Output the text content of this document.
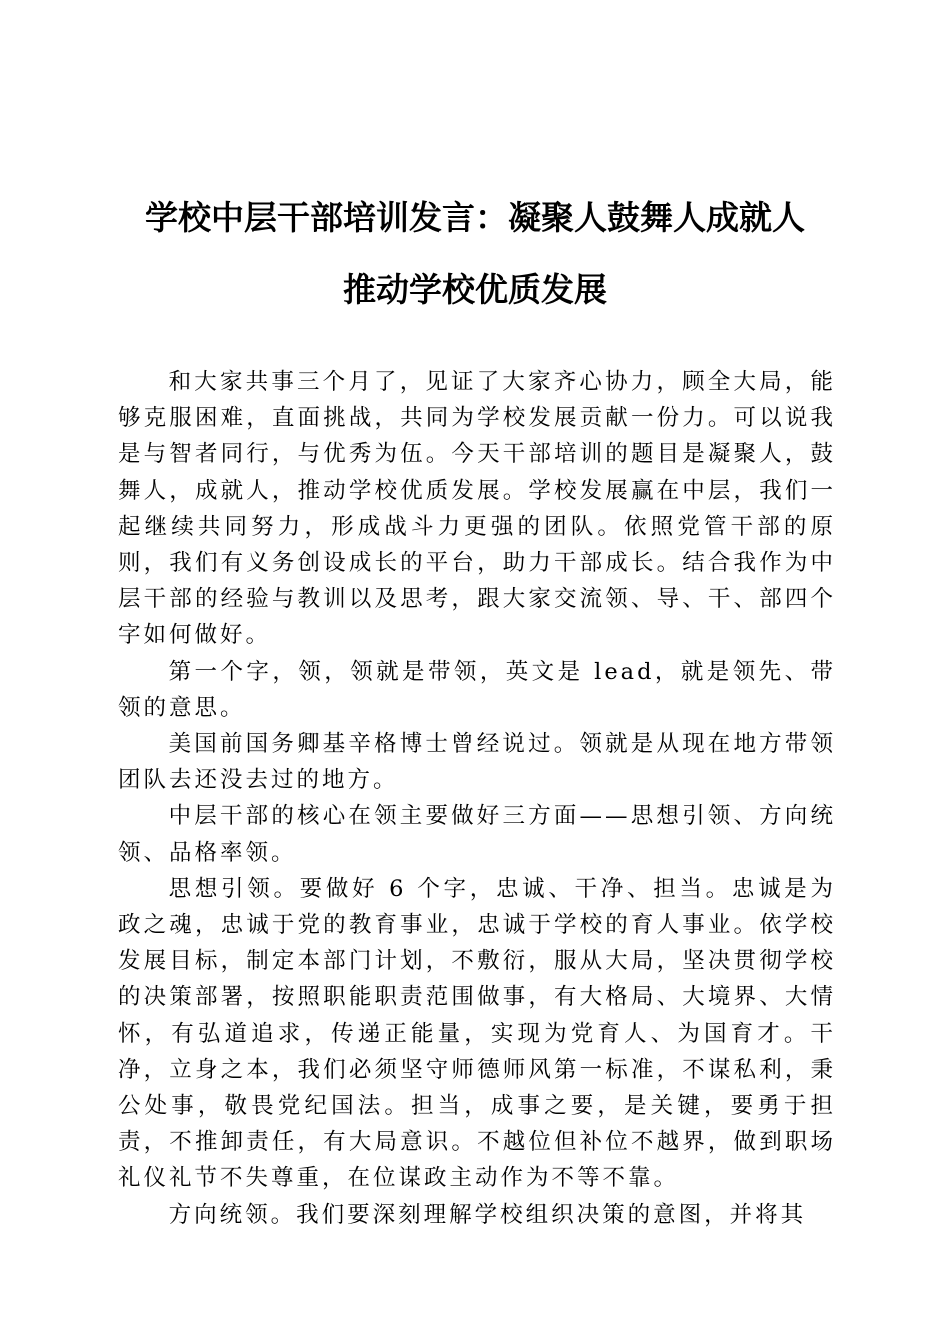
学校中层干部培训发言：凝聚人鼓舞人成就人
推动学校优质发展

和大家共事三个月了，见证了大家齐心协力，顾全大局，能够克服困难，直面挑战，共同为学校发展贡献一份力。可以说我是与智者同行，与优秀为伍。今天干部培训的题目是凝聚人，鼓舞人，成就人，推动学校优质发展。学校发展赢在中层，我们一起继续共同努力，形成战斗力更强的团队。依照党管干部的原则，我们有义务创设成长的平台，助力干部成长。结合我作为中层干部的经验与教训以及思考，跟大家交流领、导、干、部四个字如何做好。

第一个字，领，领就是带领，英文是 lead，就是领先、带领的意思。

美国前国务卿基辛格博士曾经说过。领就是从现在地方带领团队去还没去过的地方。

中层干部的核心在领主要做好三方面——思想引领、方向统领、品格率领。

思想引领。要做好 6 个字，忠诚、干净、担当。忠诚是为政之魂，忠诚于党的教育事业，忠诚于学校的育人事业。依学校发展目标，制定本部门计划，不敷衍，服从大局，坚决贯彻学校的决策部署，按照职能职责范围做事，有大格局、大境界、大情怀，有弘道追求，传递正能量，实现为党育人、为国育才。干净，立身之本，我们必须坚守师德师风第一标准，不谋私利，秉公处事，敬畏党纪国法。担当，成事之要，是关键，要勇于担责，不推卸责任，有大局意识。不越位但补位不越界，做到职场礼仪礼节不失尊重，在位谋政主动作为不等不靠。

方向统领。我们要深刻理解学校组织决策的意图，并将其
